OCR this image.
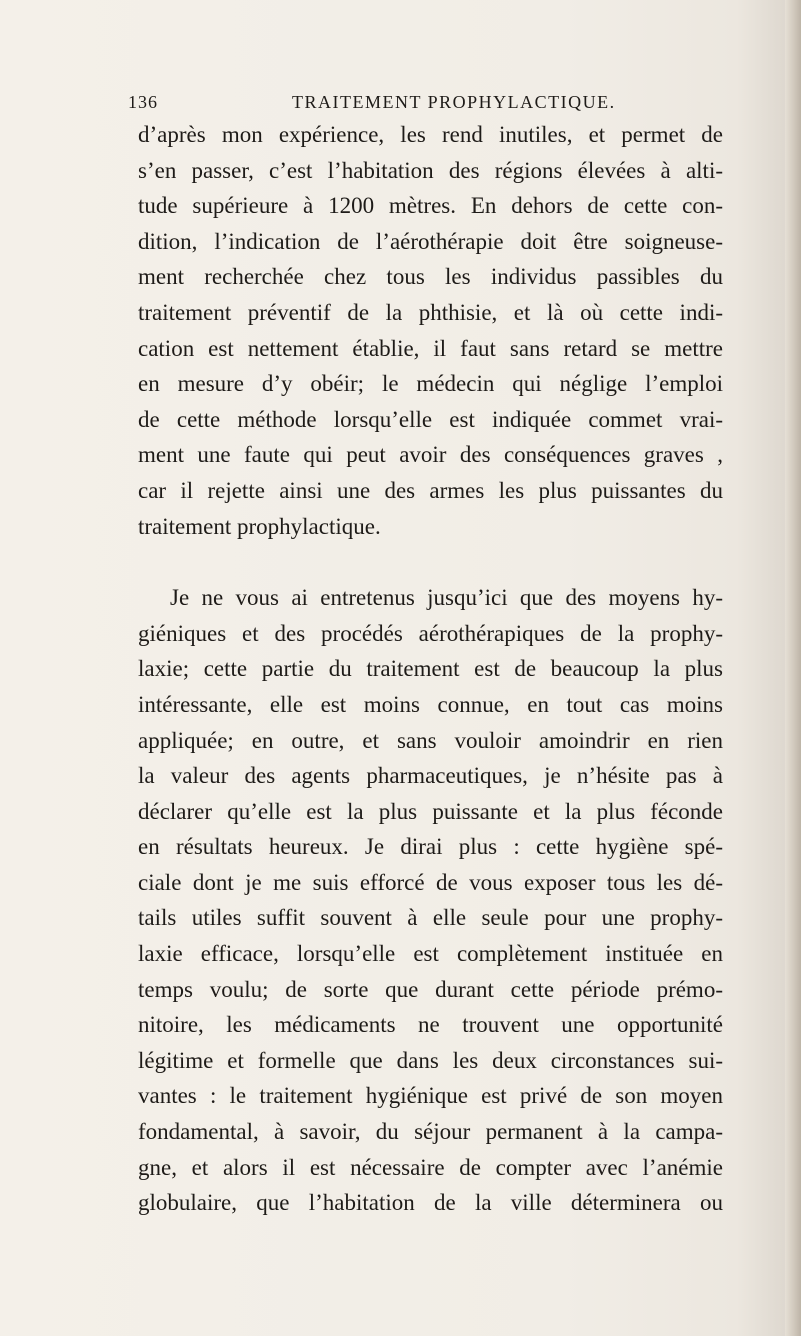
136	TRAITEMENT PROPHYLACTIQUE.
d’après mon expérience, les rend inutiles, et permet de
s’en passer, c’est l’habitation des régions élevées à alti-
tude supérieure à 1200 mètres. En dehors de cette con-
dition, l’indication de l’aérothérapie doit être soigneuse-
ment recherchée chez tous les individus passibles du
traitement préventif de la phthisie, et là où cette indi-
cation est nettement établie, il faut sans retard se mettre
en mesure d’y obéir; le médecin qui néglige l’emploi
de cette méthode lorsqu’elle est indiquée commet vrai-
ment une faute qui peut avoir des conséquences graves ,
car il rejette ainsi une des armes les plus puissantes du
traitement prophylactique.
Je ne vous ai entretenus jusqu’ici que des moyens hy-
giéniques et des procédés aérothérapiques de la prophy-
laxie; cette partie du traitement est de beaucoup la plus
intéressante, elle est moins connue, en tout cas moins
appliquée; en outre, et sans vouloir amoindrir en rien
la valeur des agents pharmaceutiques, je n’hésite pas à
déclarer qu’elle est la plus puissante et la plus féconde
en résultats heureux. Je dirai plus : cette hygiène spé-
ciale dont je me suis efforcé de vous exposer tous les dé-
tails utiles suffit souvent à elle seule pour une prophy-
laxie efficace, lorsqu’elle est complètement instituée en
temps voulu; de sorte que durant cette période prémo-
nitoire, les médicaments ne trouvent une opportunité
légitime et formelle que dans les deux circonstances sui-
vantes : le traitement hygiénique est privé de son moyen
fondamental, à savoir, du séjour permanent à la campa-
gne, et alors il est nécessaire de compter avec l’anémie
globulaire, que l’habitation de la ville déterminera ou
